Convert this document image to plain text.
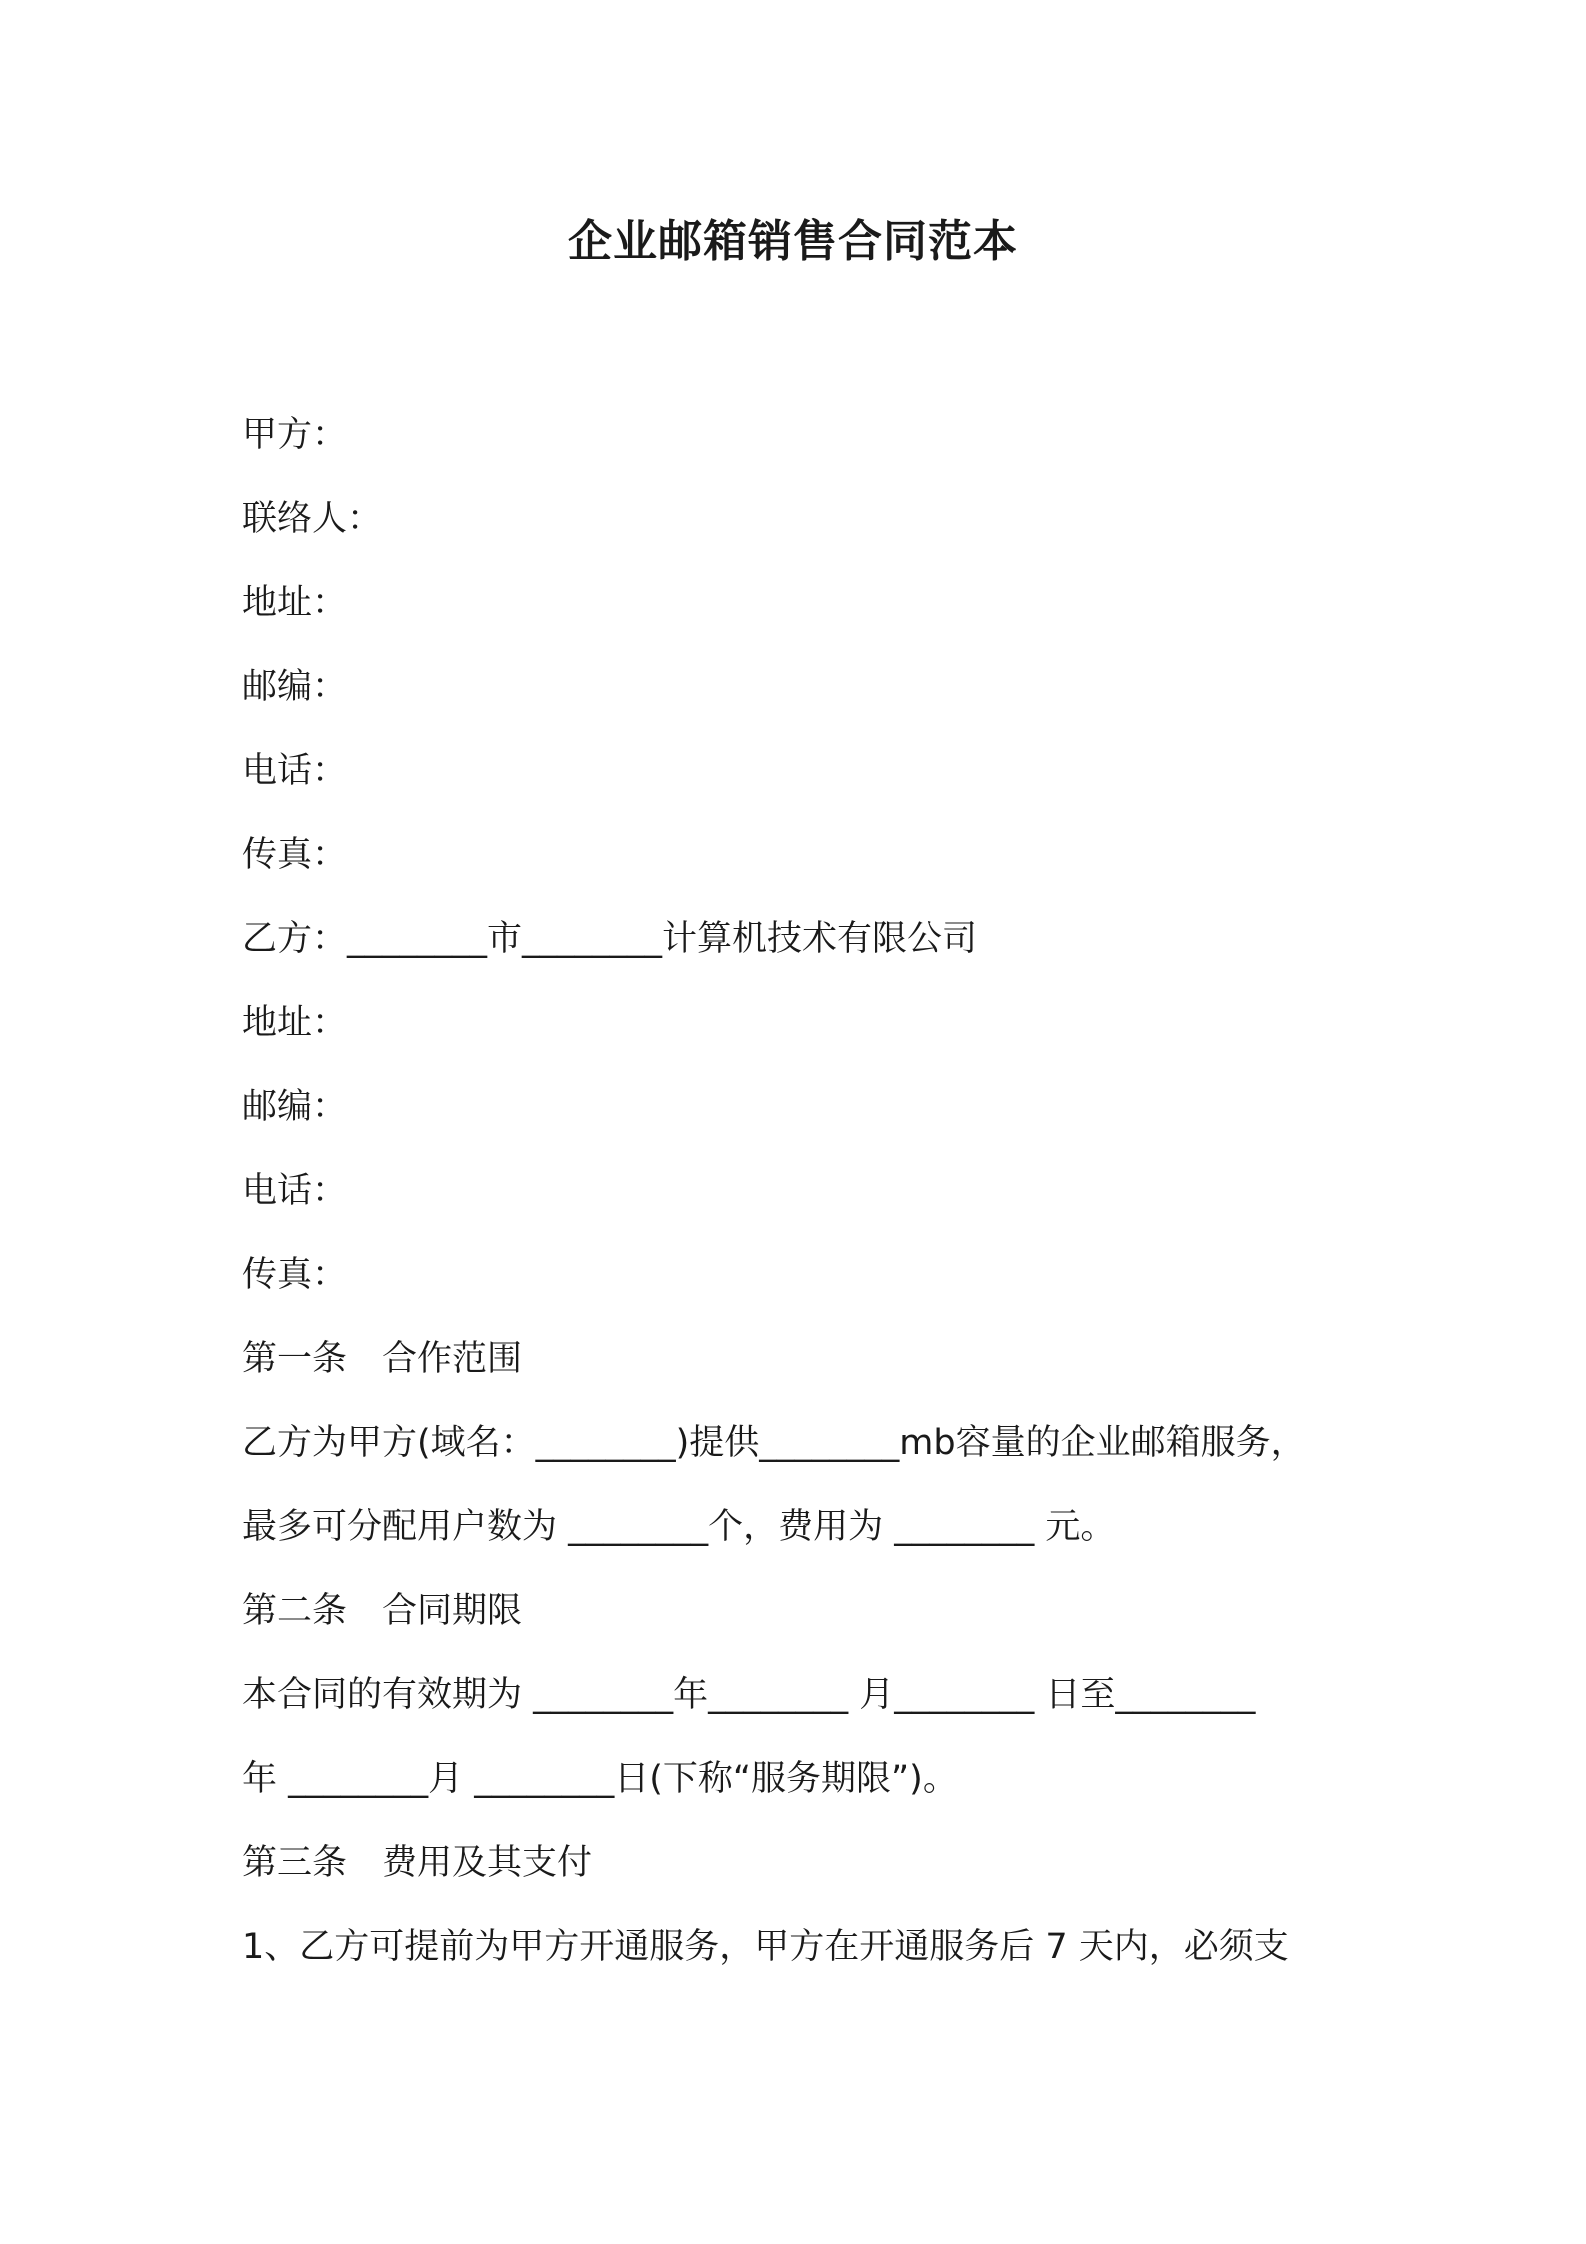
企业邮箱销售合同范本
甲方：
联络人：
地址：
邮编：
电话：
传真：
乙方：________市________计算机技术有限公司
地址：
邮编：
电话：
传真：
第一条　合作范围
乙方为甲方(域名：________)提供________mb容量的企业邮箱服务，
最多可分配用户数为 ________个，费用为 ________ 元。
第二条　合同期限
本合同的有效期为 ________年________ 月________ 日至________
年 ________月 ________日(下称“服务期限”)。
第三条　费用及其支付
1、乙方可提前为甲方开通服务，甲方在开通服务后 7 天内，必须支
